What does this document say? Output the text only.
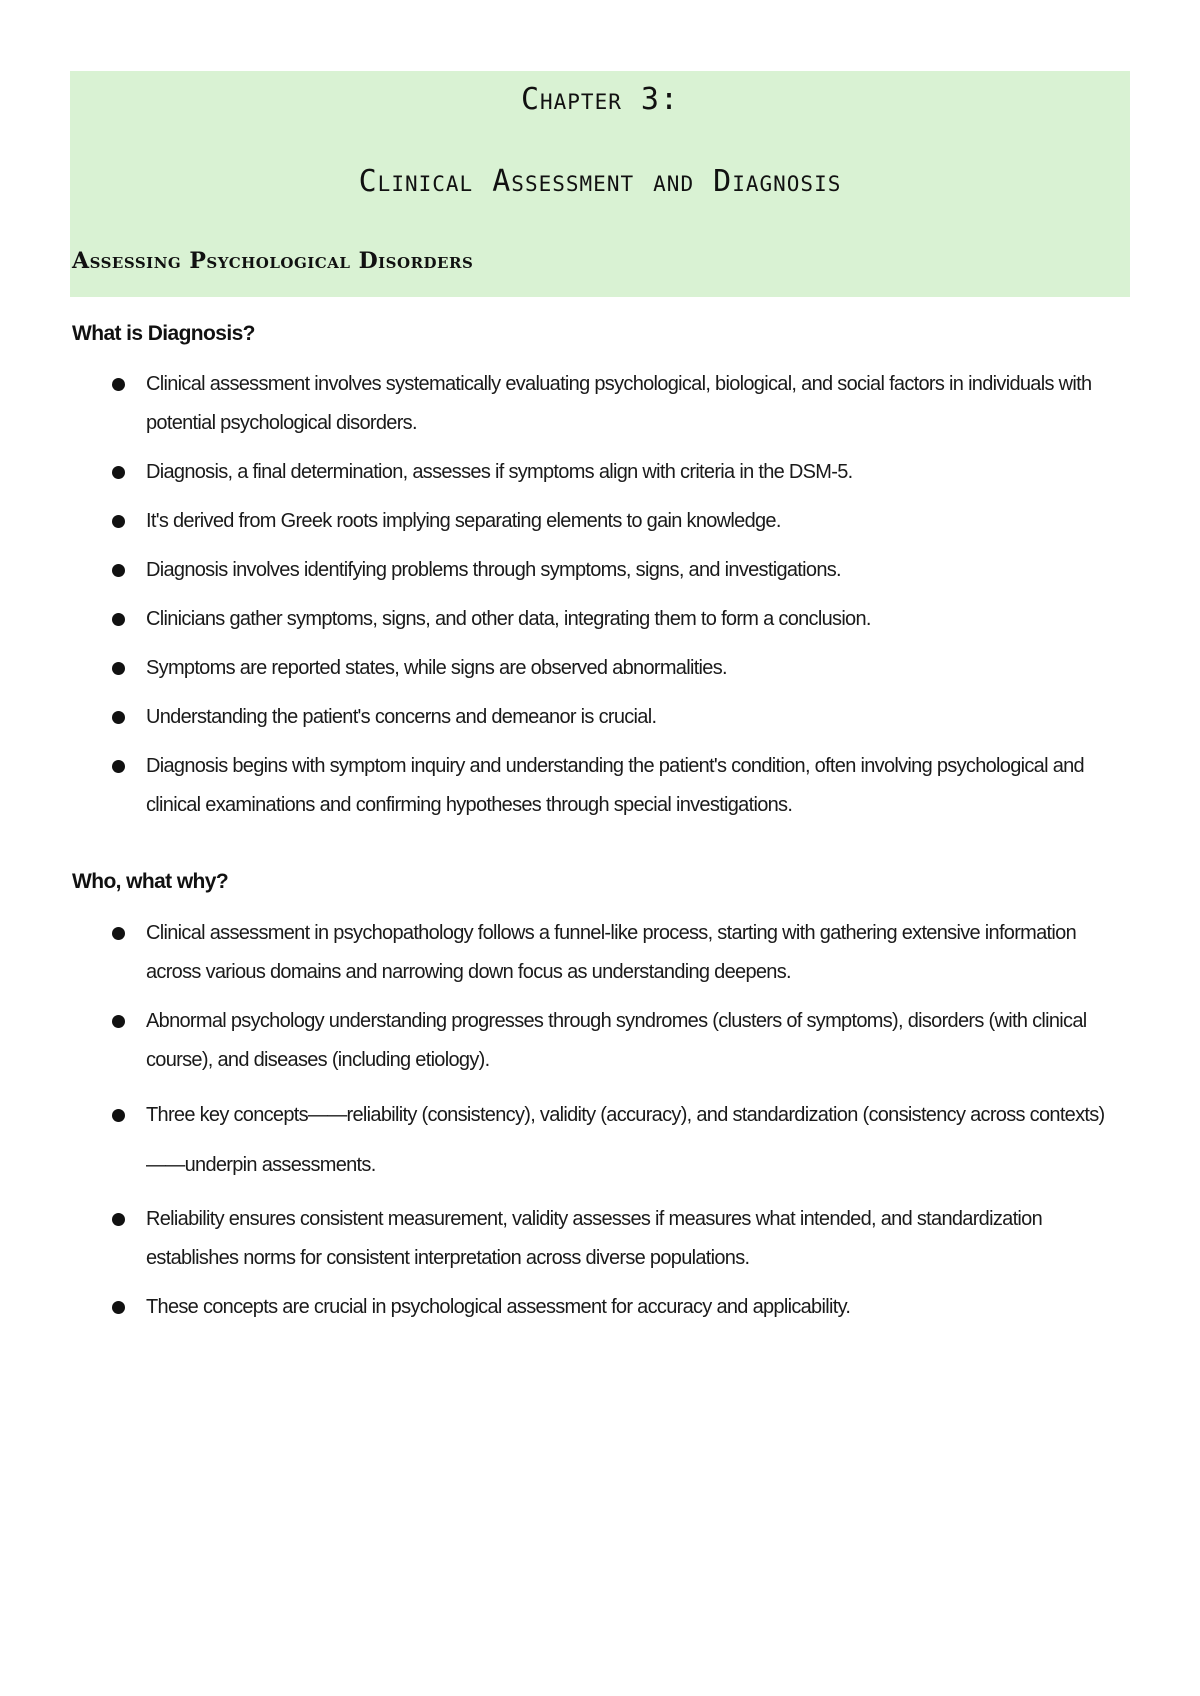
Chapter 3:
Clinical Assessment and Diagnosis
Assessing Psychological Disorders
What is Diagnosis?
Clinical assessment involves systematically evaluating psychological, biological, and social factors in individuals with potential psychological disorders.
Diagnosis, a final determination, assesses if symptoms align with criteria in the DSM-5.
It's derived from Greek roots implying separating elements to gain knowledge.
Diagnosis involves identifying problems through symptoms, signs, and investigations.
Clinicians gather symptoms, signs, and other data, integrating them to form a conclusion.
Symptoms are reported states, while signs are observed abnormalities.
Understanding the patient's concerns and demeanor is crucial.
Diagnosis begins with symptom inquiry and understanding the patient's condition, often involving psychological and clinical examinations and confirming hypotheses through special investigations.
Who, what why?
Clinical assessment in psychopathology follows a funnel-like process, starting with gathering extensive information across various domains and narrowing down focus as understanding deepens.
Abnormal psychology understanding progresses through syndromes (clusters of symptoms), disorders (with clinical course), and diseases (including etiology).
Three key concepts——reliability (consistency), validity (accuracy), and standardization (consistency across contexts)——underpin assessments.
Reliability ensures consistent measurement, validity assesses if measures what intended, and standardization establishes norms for consistent interpretation across diverse populations.
These concepts are crucial in psychological assessment for accuracy and applicability.
